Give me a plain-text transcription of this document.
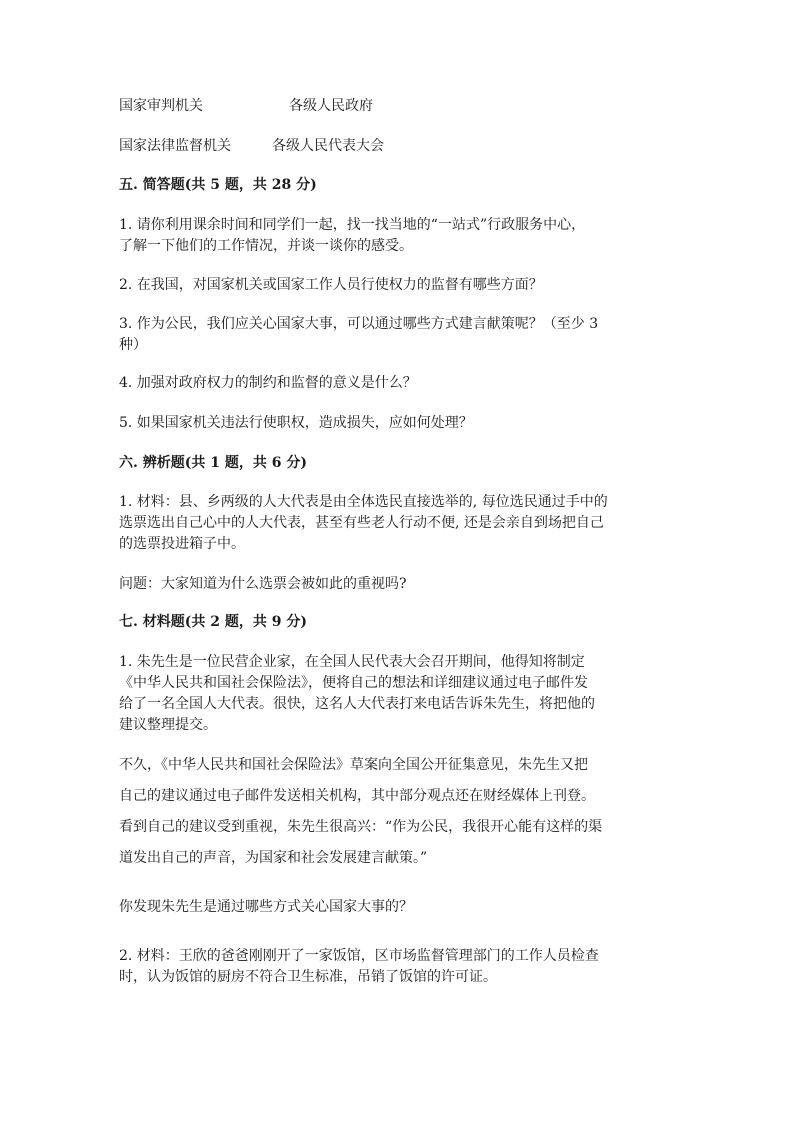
国家审判机关	各级人民政府
国家法律监督机关	各级人民代表大会

五. 简答题(共 5 题，共 28 分)

1. 请你利用课余时间和同学们一起，找一找当地的“一站式”行政服务中心，

了解一下他们的工作情况，并谈一谈你的感受。

2. 在我国，对国家机关或国家工作人员行使权力的监督有哪些方面？

3. 作为公民，我们应关心国家大事，可以通过哪些方式建言献策呢？（至少 3

种）

4. 加强对政府权力的制约和监督的意义是什么？

5. 如果国家机关违法行使职权，造成损失，应如何处理？

六. 辨析题(共 1 题，共 6 分)

1. 材料：县、乡两级的人大代表是由全体选民直接选举的, 每位选民通过手中的

选票选出自己心中的人大代表，甚至有些老人行动不便, 还是会亲自到场把自己

的选票投进箱子中。

问题：大家知道为什么选票会被如此的重视吗?

七. 材料题(共 2 题，共 9 分)

1. 朱先生是一位民营企业家，在全国人民代表大会召开期间，他得知将制定

《中华人民共和国社会保险法》，便将自己的想法和详细建议通过电子邮件发

给了一名全国人大代表。很快，这名人大代表打来电话告诉朱先生，将把他的

建议整理提交。

不久，《中华人民共和国社会保险法》草案向全国公开征集意见，朱先生又把

自己的建议通过电子邮件发送相关机构，其中部分观点还在财经媒体上刊登。

看到自己的建议受到重视，朱先生很高兴：“作为公民，我很开心能有这样的渠

道发出自己的声音，为国家和社会发展建言献策。”

你发现朱先生是通过哪些方式关心国家大事的？

2. 材料：王欣的爸爸刚刚开了一家饭馆，区市场监督管理部门的工作人员检查

时，认为饭馆的厨房不符合卫生标准，吊销了饭馆的许可证。
